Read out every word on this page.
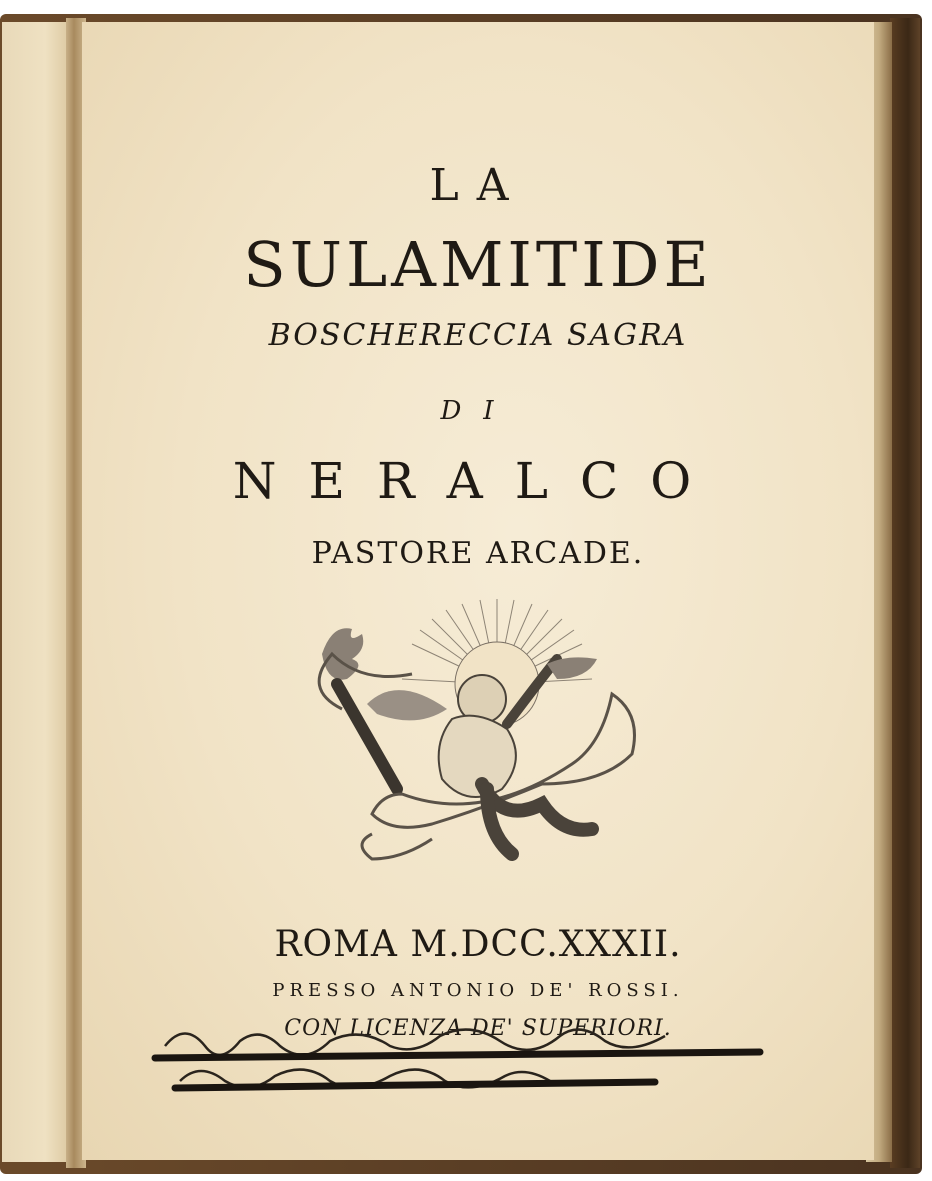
LA
SULAMITIDE
BOSCHERECCIA SAGRA
DI
NERALCO
PASTORE ARCADE.
ROMA M.DCC.XXXII.
PRESSO ANTONIO DE' ROSSI.
CON LICENZA DE' SUPERIORI.
